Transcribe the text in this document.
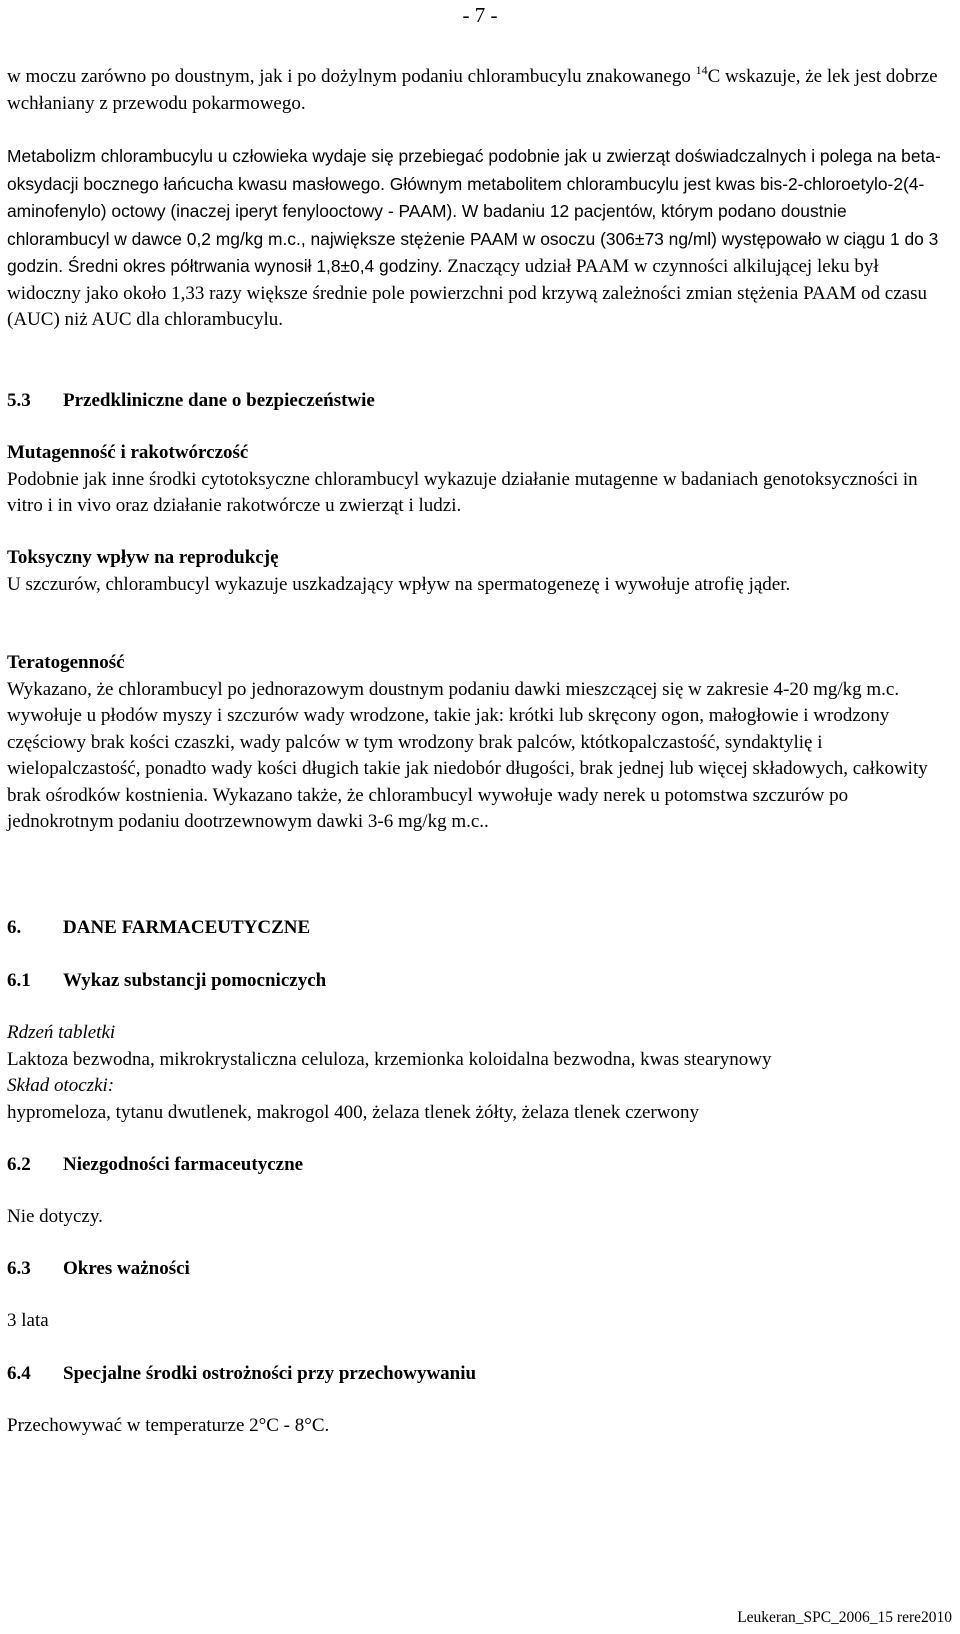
- 7 -

w moczu zarówno po doustnym, jak i po dożylnym podaniu chlorambucylu znakowanego $^{14}$C wskazuje, że lek jest dobrze wchłaniany z przewodu pokarmowego.

Metabolizm chlorambucylu u człowieka wydaje się przebiegać podobnie jak u zwierząt doświadczalnych i polega na beta-oksydacji bocznego łańcucha kwasu masłowego. Głównym metabolitem chlorambucylu jest kwas bis-2-chloroetylo-2(4-aminofenylo) octowy (inaczej iperyt fenylooctowy - PAAM). W badaniu 12 pacjentów, którym podano doustnie chlorambucyl w dawce 0,2 mg/kg m.c., największe stężenie PAAM w osoczu (306±73 ng/ml) występowało w ciągu 1 do 3 godzin. Średni okres półtrwania wynosił 1,8±0,4 godziny. Znaczący udział PAAM w czynności alkilującej leku był widoczny jako około 1,33 razy większe średnie pole powierzchni pod krzywą zależności zmian stężenia PAAM od czasu (AUC) niż AUC dla chlorambucylu.

5.3 Przedkliniczne dane o bezpieczeństwie

Mutagenność i rakotwórczość

Podobnie jak inne środki cytotoksyczne chlorambucyl wykazuje działanie mutagenne w badaniach genotoksyczności in vitro i in vivo oraz działanie rakotwórcze u zwierząt i ludzi.

Toksyczny wpływ na reprodukcję

U szczurów, chlorambucyl wykazuje uszkadzający wpływ na spermatogenezę i wywołuje atrofię jąder.

Teratogenność

Wykazano, że chlorambucyl po jednorazowym doustnym podaniu dawki mieszczącej się w zakresie 4-20 mg/kg m.c. wywołuje u płodów myszy i szczurów wady wrodzone, takie jak: krótki lub skręcony ogon, małogłowie i wrodzony częściowy brak kości czaszki, wady palców w tym wrodzony brak palców, któtkopalczastość, syndaktylię i wielopalczastość, ponadto wady kości długich takie jak niedobór długości, brak jednej lub więcej składowych, całkowity brak ośrodków kostnienia. Wykazano także, że chlorambucyl wywołuje wady nerek u potomstwa szczurów po jednokrotnym podaniu dootrzewnowym dawki 3-6 mg/kg m.c..

6. DANE FARMACEUTYCZNE
6.1 Wykaz substancji pomocniczych

Rdzeń tabletki

Laktoza bezwodna, mikrokrystaliczna celuloza, krzemionka koloidalna bezwodna, kwas stearynowy

Skład otoczki:

hypromeloza, tytanu dwutlenek, makrogol 400, żelaza tlenek żółty, żelaza tlenek czerwony

6.2 Niezgodności farmaceutyczne
Nie dotyczy.
6.3 Okres ważności
3 lata
6.4 Specjalne środki ostrożności przy przechowywaniu
Przechowywać w temperaturze 2°C - 8°C.
Leukeran_SPC_2006_15 rere2010
